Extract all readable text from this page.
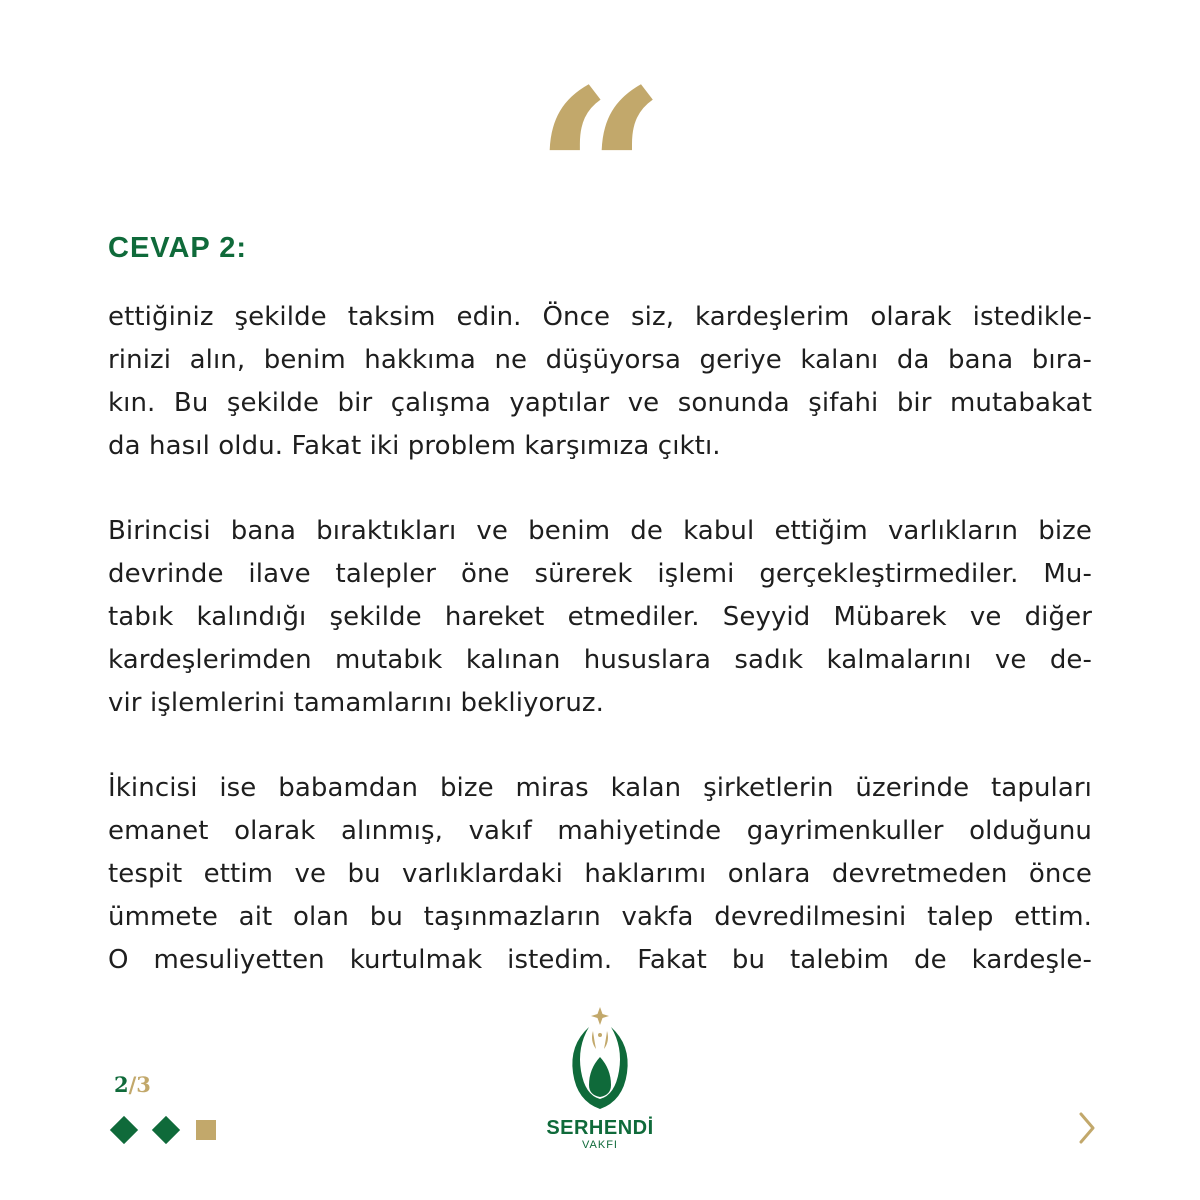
“
CEVAP 2:
ettiğiniz şekilde taksim edin. Önce siz, kardeşlerim olarak istedikle-
rinizi alın, benim hakkıma ne düşüyorsa geriye kalanı da bana bıra-
kın. Bu şekilde bir çalışma yaptılar ve sonunda şifahi bir mutabakat
da hasıl oldu. Fakat iki problem karşımıza çıktı.
Birincisi bana bıraktıkları ve benim de kabul ettiğim varlıkların bize
devrinde ilave talepler öne sürerek işlemi gerçekleştirmediler. Mu-
tabık kalındığı şekilde hareket etmediler. Seyyid Mübarek ve diğer
kardeşlerimden mutabık kalınan hususlara sadık kalmalarını ve de-
vir işlemlerini tamamlarını bekliyoruz.
İkincisi ise babamdan bize miras kalan şirketlerin üzerinde tapuları
emanet olarak alınmış, vakıf mahiyetinde gayrimenkuller olduğunu
tespit ettim ve bu varlıklardaki haklarımı onlara devretmeden önce
ümmete ait olan bu taşınmazların vakfa devredilmesini talep ettim.
O mesuliyetten kurtulmak istedim. Fakat bu talebim de kardeşle-
2/3
SERHENDİ
VAKFI
